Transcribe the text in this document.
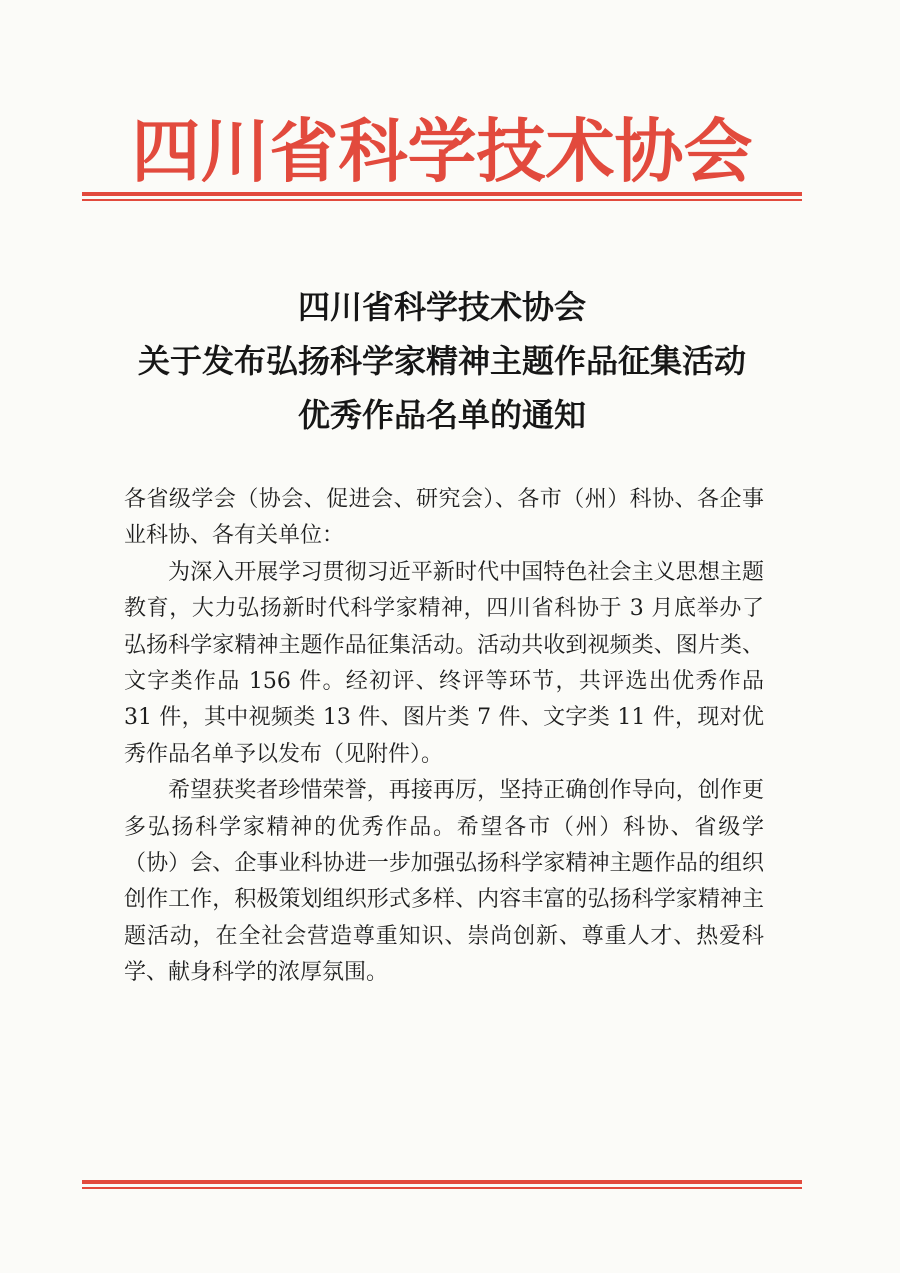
四川省科学技术协会
四川省科学技术协会
关于发布弘扬科学家精神主题作品征集活动
优秀作品名单的通知

各省级学会（协会、促进会、研究会）、各市（州）科协、各企事业科协、各有关单位：

为深入开展学习贯彻习近平新时代中国特色社会主义思想主题教育，大力弘扬新时代科学家精神，四川省科协于 3 月底举办了弘扬科学家精神主题作品征集活动。活动共收到视频类、图片类、文字类作品 156 件。经初评、终评等环节，共评选出优秀作品 31 件，其中视频类 13 件、图片类 7 件、文字类 11 件，现对优秀作品名单予以发布（见附件）。

希望获奖者珍惜荣誉，再接再厉，坚持正确创作导向，创作更多弘扬科学家精神的优秀作品。希望各市（州）科协、省级学（协）会、企事业科协进一步加强弘扬科学家精神主题作品的组织创作工作，积极策划组织形式多样、内容丰富的弘扬科学家精神主题活动，在全社会营造尊重知识、崇尚创新、尊重人才、热爱科学、献身科学的浓厚氛围。
